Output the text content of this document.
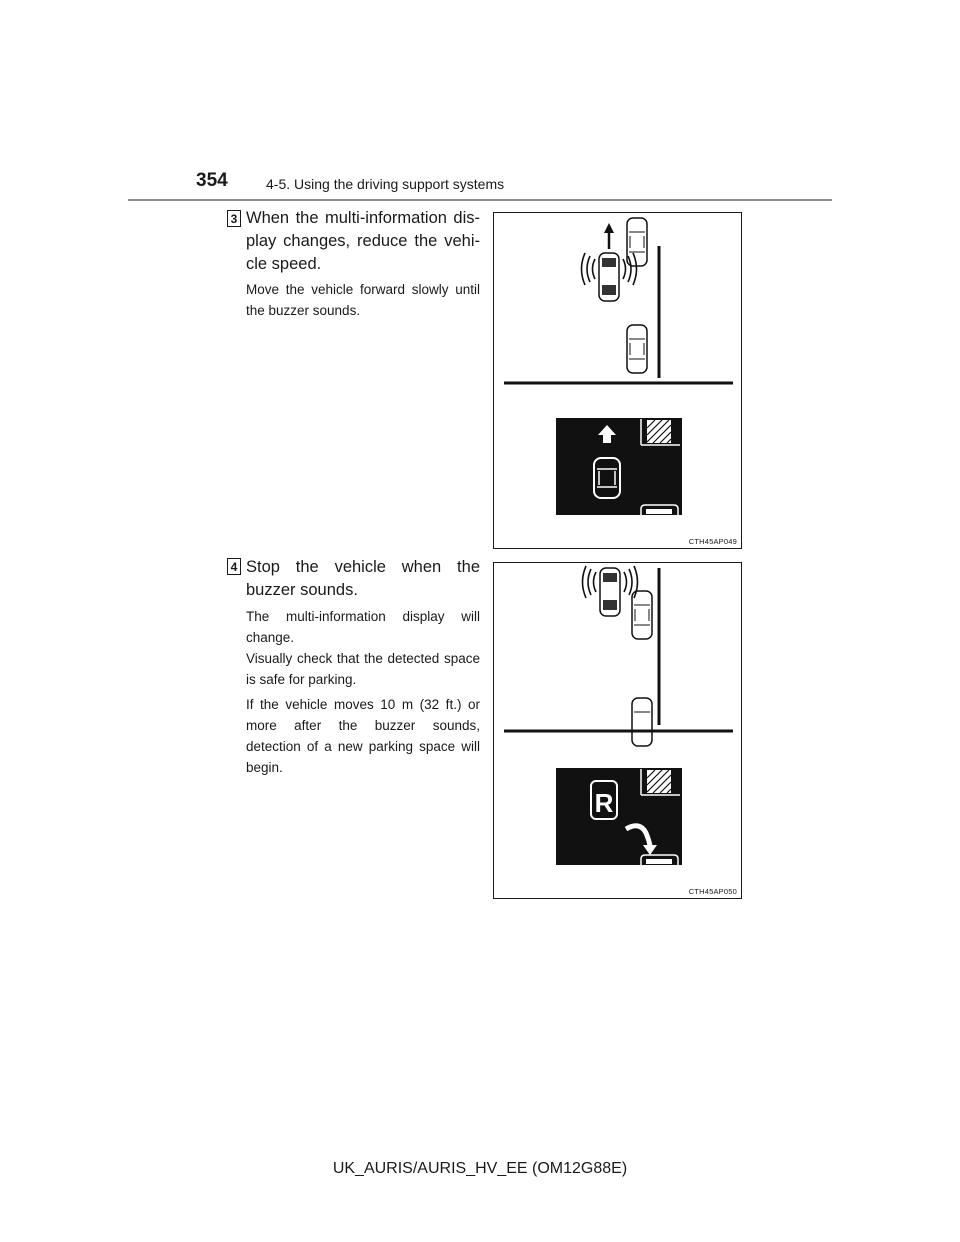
354	4-5. Using the driving support systems
3 When the multi-information dis-
play changes, reduce the vehi-
cle speed.

Move the vehicle forward slowly until the buzzer sounds.

CTH45AP049
4 Stop the vehicle when the
buzzer sounds.

The multi-information display will change.

Visually check that the detected space is safe for parking.

If the vehicle moves 10 m (32 ft.) or more after the buzzer sounds, detection of a new parking space will begin.

R
CTH45AP050
UK_AURIS/AURIS_HV_EE (OM12G88E)
